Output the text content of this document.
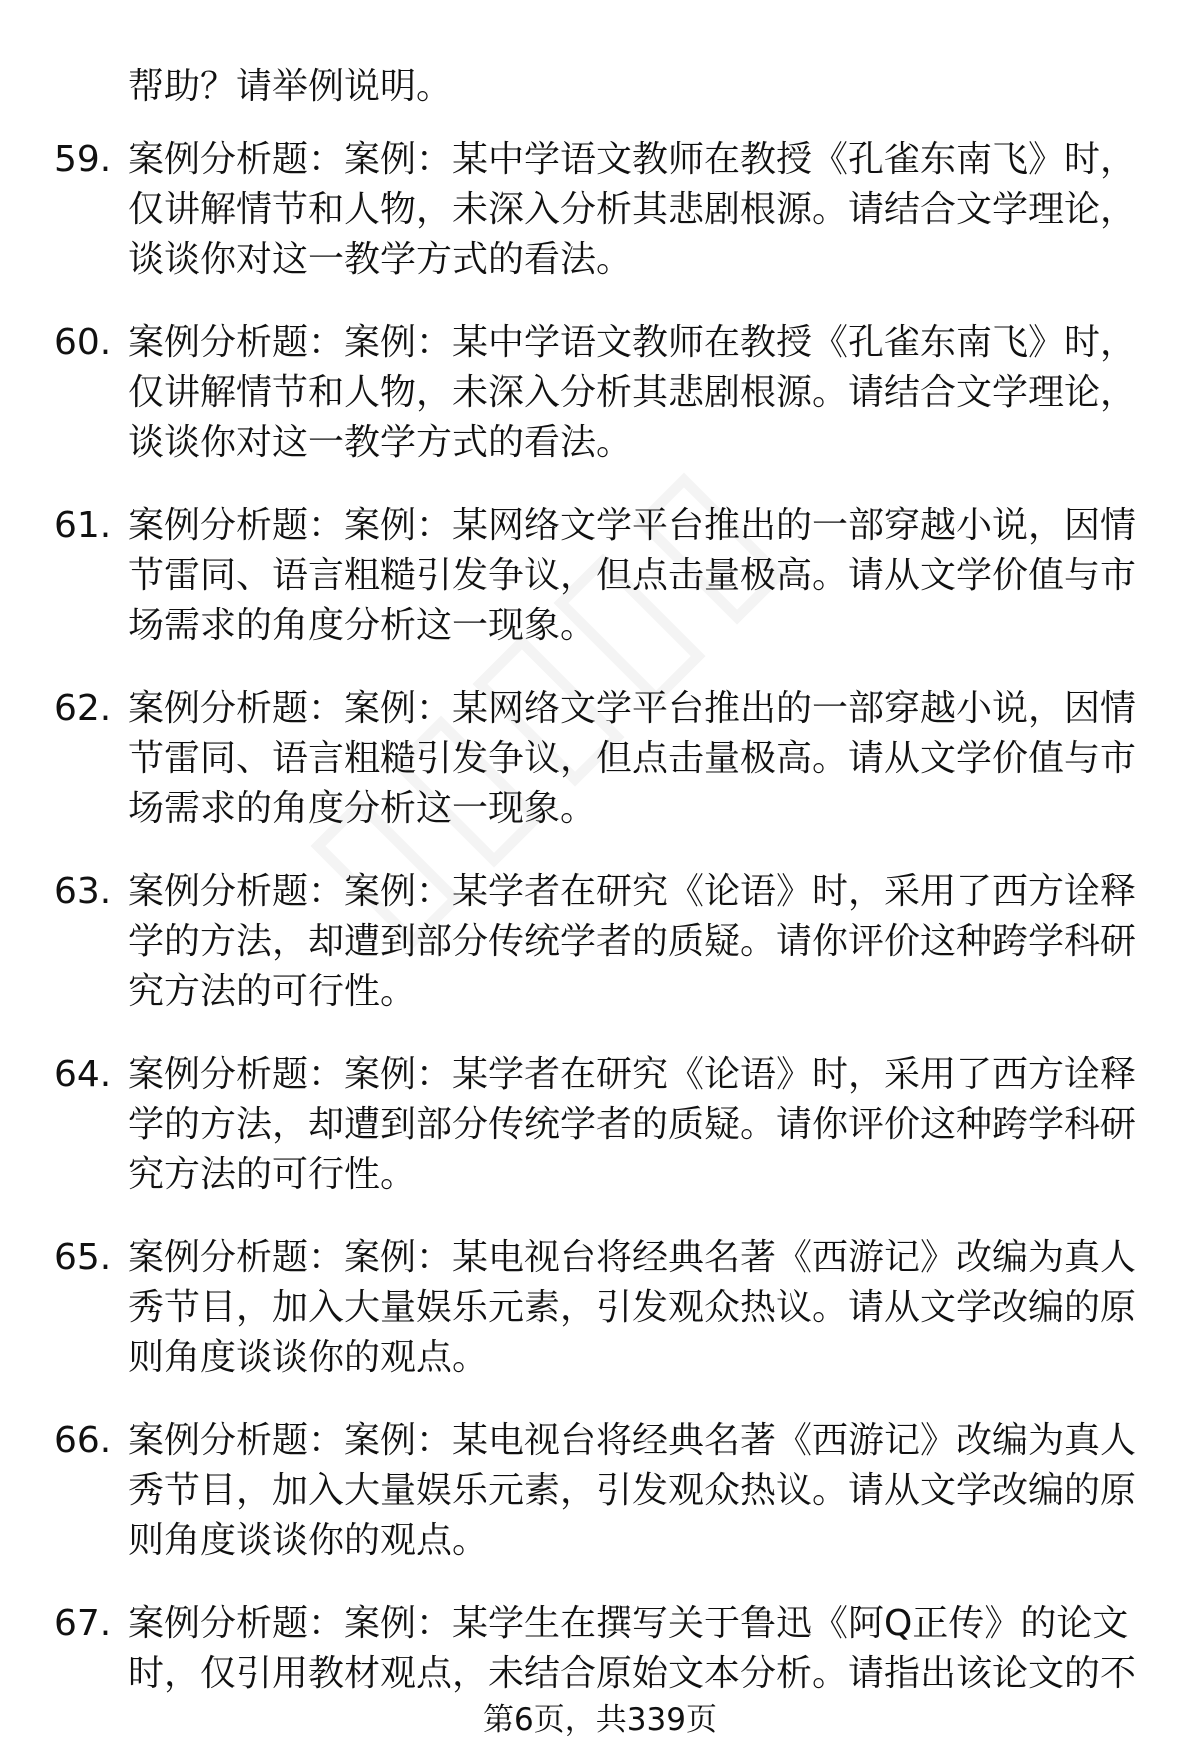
帮助？请举例说明。
59. 案例分析题：案例：某中学语文教师在教授《孔雀东南飞》时，
仅讲解情节和人物，未深入分析其悲剧根源。请结合文学理论，
谈谈你对这一教学方式的看法。
60. 案例分析题：案例：某中学语文教师在教授《孔雀东南飞》时，
仅讲解情节和人物，未深入分析其悲剧根源。请结合文学理论，
谈谈你对这一教学方式的看法。
61. 案例分析题：案例：某网络文学平台推出的一部穿越小说，因情
节雷同、语言粗糙引发争议，但点击量极高。请从文学价值与市
场需求的角度分析这一现象。
62. 案例分析题：案例：某网络文学平台推出的一部穿越小说，因情
节雷同、语言粗糙引发争议，但点击量极高。请从文学价值与市
场需求的角度分析这一现象。
63. 案例分析题：案例：某学者在研究《论语》时，采用了西方诠释
学的方法，却遭到部分传统学者的质疑。请你评价这种跨学科研
究方法的可行性。
64. 案例分析题：案例：某学者在研究《论语》时，采用了西方诠释
学的方法，却遭到部分传统学者的质疑。请你评价这种跨学科研
究方法的可行性。
65. 案例分析题：案例：某电视台将经典名著《西游记》改编为真人
秀节目，加入大量娱乐元素，引发观众热议。请从文学改编的原
则角度谈谈你的观点。
66. 案例分析题：案例：某电视台将经典名著《西游记》改编为真人
秀节目，加入大量娱乐元素，引发观众热议。请从文学改编的原
则角度谈谈你的观点。
67. 案例分析题：案例：某学生在撰写关于鲁迅《阿Q正传》的论文
时，仅引用教材观点，未结合原始文本分析。请指出该论文的不
第6页，共339页
